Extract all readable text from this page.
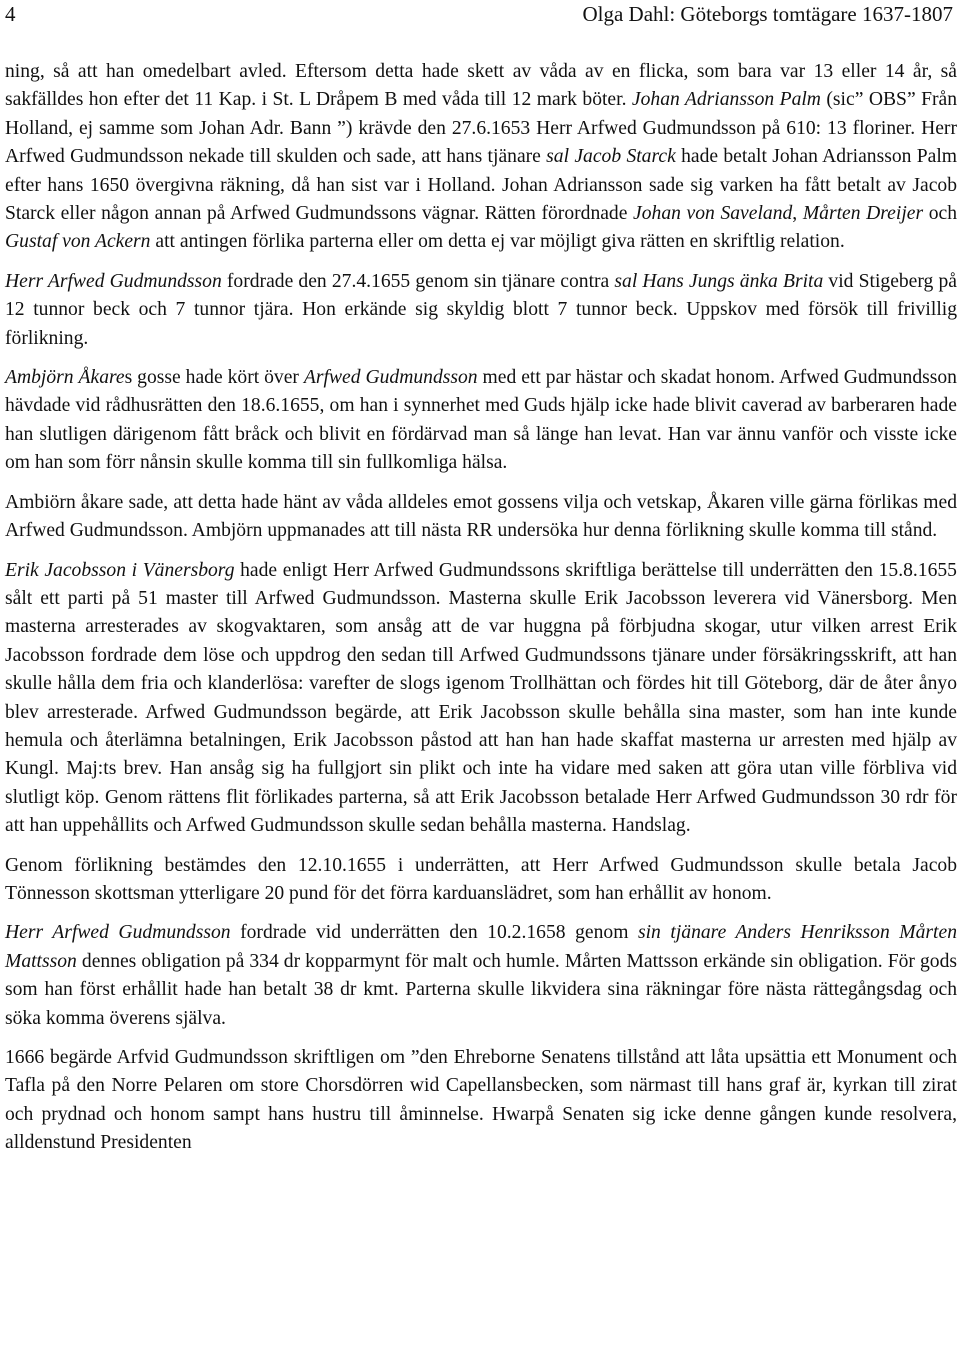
4	Olga Dahl: Göteborgs tomtägare 1637-1807

ning, så att han omedelbart avled. Eftersom detta hade skett av våda av en flicka, som bara var 13 eller 14 år, så sakfälldes hon efter det 11 Kap. i St. L Dråpem B med våda till 12 mark böter. Johan Adriansson Palm (sic” OBS” Från Holland, ej samme som Johan Adr. Bann ”) krävde den 27.6.1653 Herr Arfwed Gudmundsson på 610: 13 floriner. Herr Arfwed Gudmundsson nekade till skulden och sade, att hans tjänare sal Jacob Starck hade betalt Johan Adriansson Palm efter hans 1650 övergivna räkning, då han sist var i Holland. Johan Adriansson sade sig varken ha fått betalt av Jacob Starck eller någon annan på Arfwed Gudmundssons vägnar. Rätten förordnade Johan von Saveland, Mårten Dreijer och Gustaf von Ackern att antingen förlika parterna eller om detta ej var möjligt giva rätten en skriftlig relation.

Herr Arfwed Gudmundsson fordrade den 27.4.1655 genom sin tjänare contra sal Hans Jungs änka Brita vid Stigeberg på 12 tunnor beck och 7 tunnor tjära. Hon erkände sig skyldig blott 7 tunnor beck. Uppskov med försök till frivillig förlikning.

Ambjörn Åkares gosse hade kört över Arfwed Gudmundsson med ett par hästar och skadat honom. Arfwed Gudmundsson hävdade vid rådhusrätten den 18.6.1655, om han i synnerhet med Guds hjälp icke hade blivit caverad av barberaren hade han slutligen därigenom fått bråck och blivit en fördärvad man så länge han levat. Han var ännu vanför och visste icke om han som förr nånsin skulle komma till sin fullkomliga hälsa.

Ambiörn åkare sade, att detta hade hänt av våda alldeles emot gossens vilja och vetskap, Åkaren ville gärna förlikas med Arfwed Gudmundsson. Ambjörn uppmanades att till nästa RR undersöka hur denna förlikning skulle komma till stånd.

Erik Jacobsson i Vänersborg hade enligt Herr Arfwed Gudmundssons skriftliga berättelse till underrätten den 15.8.1655 sålt ett parti på 51 master till Arfwed Gudmundsson. Masterna skulle Erik Jacobsson leverera vid Vänersborg. Men masterna arresterades av skogvaktaren, som ansåg att de var huggna på förbjudna skogar, utur vilken arrest Erik Jacobsson fordrade dem löse och uppdrog den sedan till Arfwed Gudmundssons tjänare under försäkringsskrift, att han skulle hålla dem fria och klanderlösa: varefter de slogs igenom Trollhättan och fördes hit till Göteborg, där de åter ånyo blev arresterade. Arfwed Gudmundsson begärde, att Erik Jacobsson skulle behålla sina master, som han inte kunde hemula och återlämna betalningen, Erik Jacobsson påstod att han han hade skaffat masterna ur arresten med hjälp av Kungl. Maj:ts brev. Han ansåg sig ha fullgjort sin plikt och inte ha vidare med saken att göra utan ville förbliva vid slutligt köp. Genom rättens flit förlikades parterna, så att Erik Jacobsson betalade Herr Arfwed Gudmundsson 30 rdr för att han uppehållits och Arfwed Gudmundsson skulle sedan behålla masterna. Handslag.

Genom förlikning bestämdes den 12.10.1655 i underrätten, att Herr Arfwed Gudmundsson skulle betala Jacob Tönnesson skottsman ytterligare 20 pund för det förra karduanslädret, som han erhållit av honom.

Herr Arfwed Gudmundsson fordrade vid underrätten den 10.2.1658 genom sin tjänare Anders Henriksson Mårten Mattsson dennes obligation på 334 dr kopparmynt för malt och humle. Mårten Mattsson erkände sin obligation. För gods som han först erhållit hade han betalt 38 dr kmt. Parterna skulle likvidera sina räkningar före nästa rättegångsdag och söka komma överens själva.

1666 begärde Arfvid Gudmundsson skriftligen om ”den Ehreborne Senatens tillstånd att låta upsättia ett Monument och Tafla på den Norre Pelaren om store Chorsdörren wid Capellansbecken, som närmast till hans graf är, kyrkan till zirat och prydnad och honom sampt hans hustru till åminnelse. Hwarpå Senaten sig icke denne gången kunde resolvera, alldenstund Presidenten
